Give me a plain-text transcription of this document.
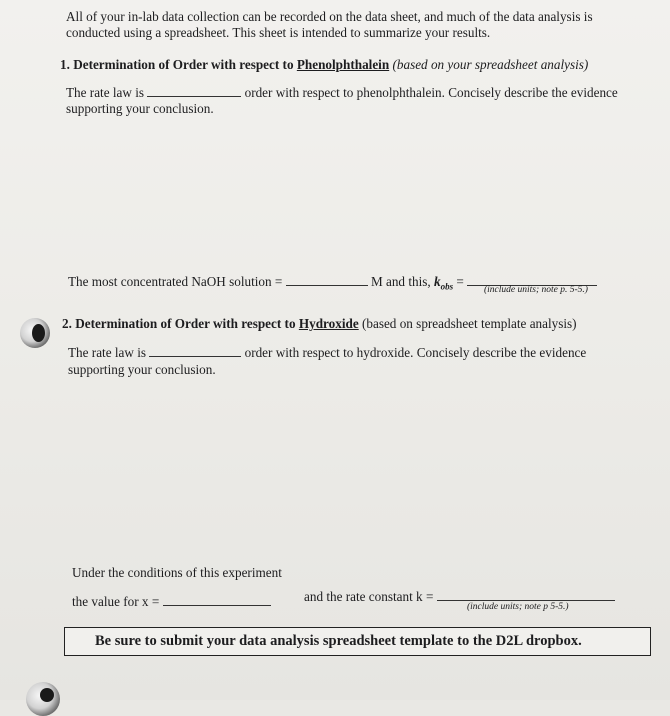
All of your in-lab data collection can be recorded on the data sheet, and much of the data analysis is
conducted using a spreadsheet. This sheet is intended to summarize your results.
1. Determination of Order with respect to Phenolphthalein (based on your spreadsheet analysis)
The rate law is	order with respect to phenolphthalein. Concisely describe the evidence
supporting your conclusion.
The most concentrated NaOH solution =	M and this, $k_{obs}$ =
(include units; note p. 5-5.)
2. Determination of Order with respect to Hydroxide (based on spreadsheet template analysis)
The rate law is	order with respect to hydroxide. Concisely describe the evidence
supporting your conclusion.
Under the conditions of this experiment
the value for x =	and the rate constant k =
(include units; note p 5-5.)
Be sure to submit your data analysis spreadsheet template to the D2L dropbox.
